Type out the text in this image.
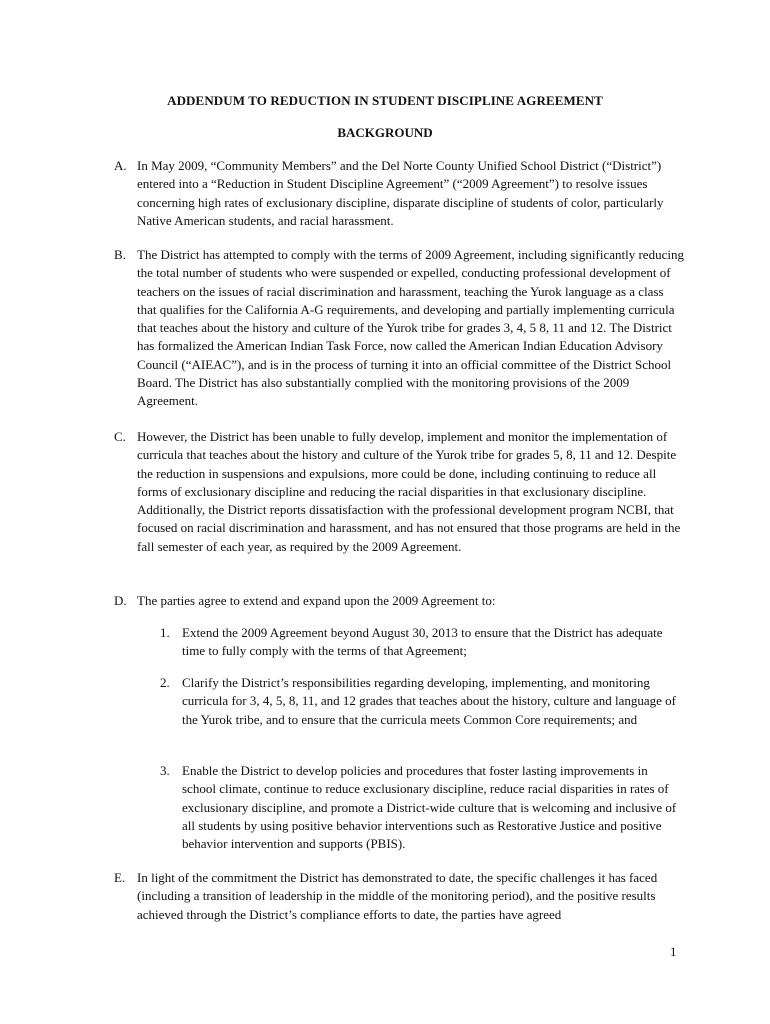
ADDENDUM TO REDUCTION IN STUDENT DISCIPLINE AGREEMENT
BACKGROUND
A. In May 2009, “Community Members” and the Del Norte County Unified School District (“District”) entered into a “Reduction in Student Discipline Agreement” (“2009 Agreement”) to resolve issues concerning high rates of exclusionary discipline, disparate discipline of students of color, particularly Native American students, and racial harassment.
B. The District has attempted to comply with the terms of 2009 Agreement, including significantly reducing the total number of students who were suspended or expelled, conducting professional development of teachers on the issues of racial discrimination and harassment, teaching the Yurok language as a class that qualifies for the California A-G requirements, and developing and partially implementing curricula that teaches about the history and culture of the Yurok tribe for grades 3, 4, 5 8, 11 and 12. The District has formalized the American Indian Task Force, now called the American Indian Education Advisory Council (“AIEAC”), and is in the process of turning it into an official committee of the District School Board. The District has also substantially complied with the monitoring provisions of the 2009 Agreement.
C. However, the District has been unable to fully develop, implement and monitor the implementation of curricula that teaches about the history and culture of the Yurok tribe for grades 5, 8, 11 and 12. Despite the reduction in suspensions and expulsions, more could be done, including continuing to reduce all forms of exclusionary discipline and reducing the racial disparities in that exclusionary discipline. Additionally, the District reports dissatisfaction with the professional development program NCBI, that focused on racial discrimination and harassment, and has not ensured that those programs are held in the fall semester of each year, as required by the 2009 Agreement.
D. The parties agree to extend and expand upon the 2009 Agreement to:
1. Extend the 2009 Agreement beyond August 30, 2013 to ensure that the District has adequate time to fully comply with the terms of that Agreement;
2. Clarify the District’s responsibilities regarding developing, implementing, and monitoring curricula for 3, 4, 5, 8, 11, and 12 grades that teaches about the history, culture and language of the Yurok tribe, and to ensure that the curricula meets Common Core requirements; and
3. Enable the District to develop policies and procedures that foster lasting improvements in school climate, continue to reduce exclusionary discipline, reduce racial disparities in rates of exclusionary discipline, and promote a District-wide culture that is welcoming and inclusive of all students by using positive behavior interventions such as Restorative Justice and positive behavior intervention and supports (PBIS).
E. In light of the commitment the District has demonstrated to date, the specific challenges it has faced (including a transition of leadership in the middle of the monitoring period), and the positive results achieved through the District’s compliance efforts to date, the parties have agreed
1
